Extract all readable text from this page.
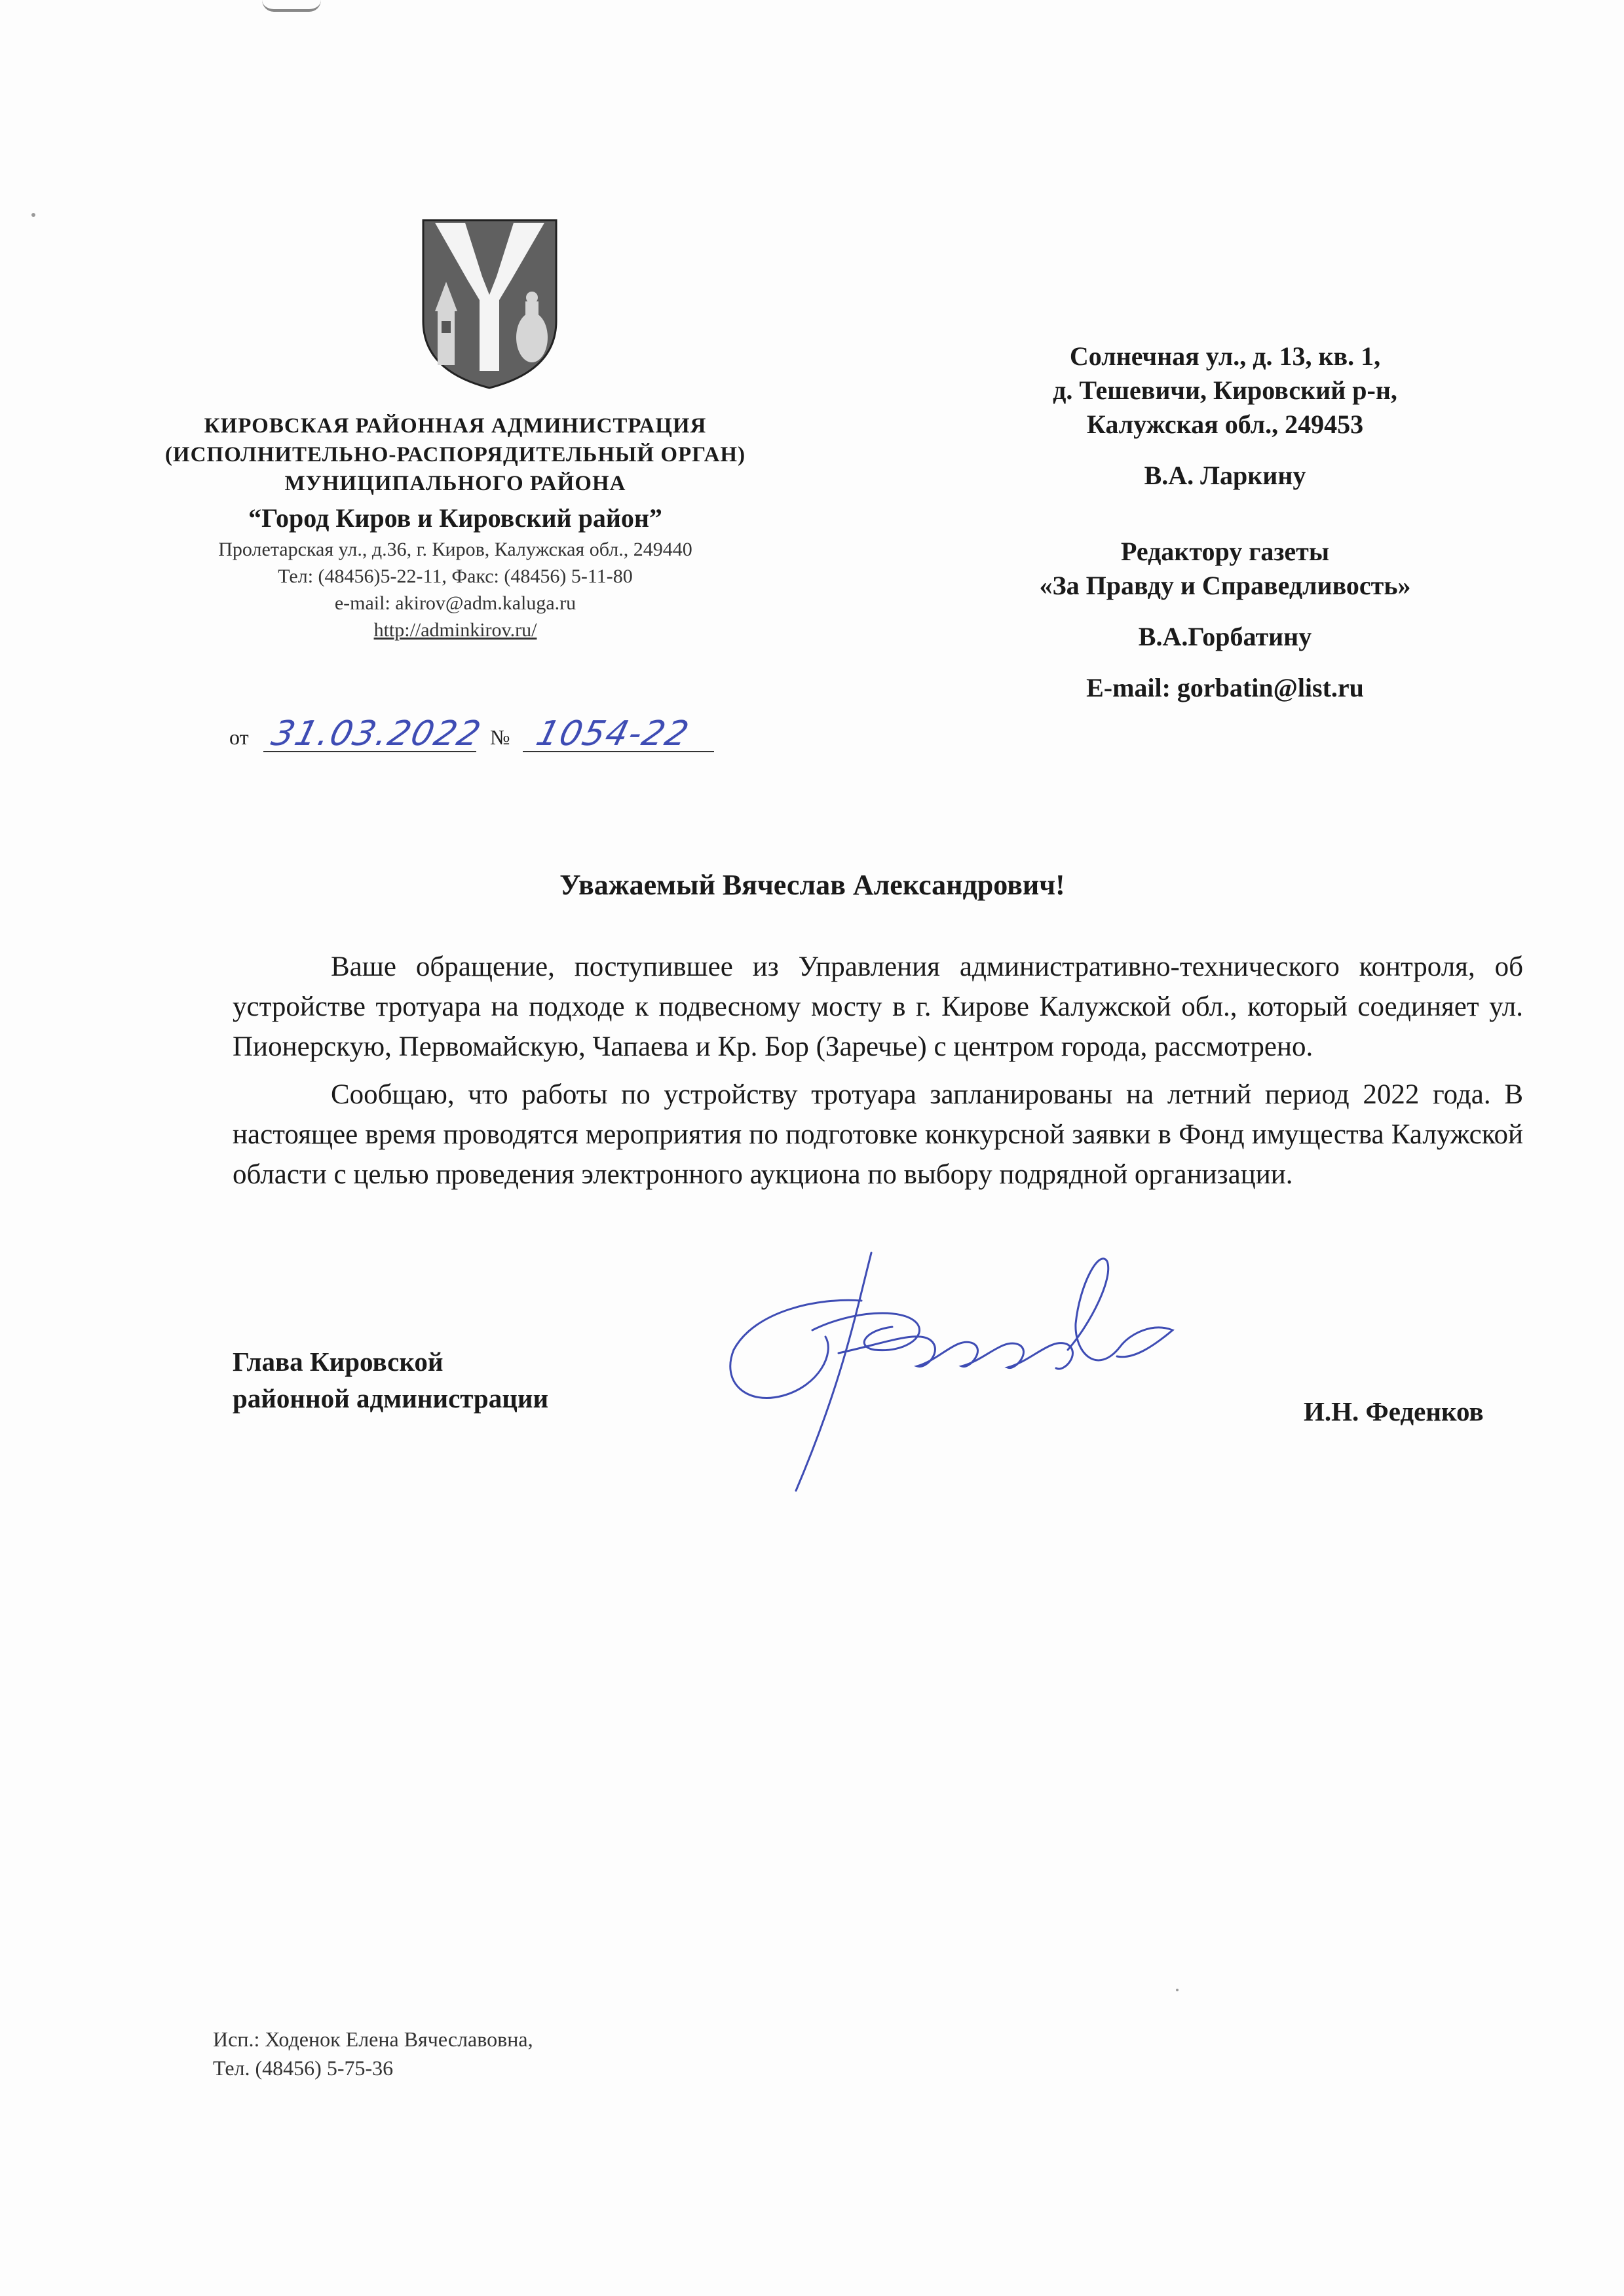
КИРОВСКАЯ РАЙОННАЯ АДМИНИСТРАЦИЯ
(ИСПОЛНИТЕЛЬНО-РАСПОРЯДИТЕЛЬНЫЙ ОРГАН)
МУНИЦИПАЛЬНОГО РАЙОНА
“Город Киров и Кировский район”
Пролетарская ул., д.36, г. Киров, Калужская обл., 249440
Тел: (48456)5-22-11, Факс: (48456) 5-11-80
e-mail: akirov@adm.kaluga.ru
http://adminkirov.ru/
от 31.03.2022 № 1054-22
Солнечная ул., д. 13, кв. 1,
д. Тешевичи, Кировский р-н,
Калужская обл., 249453
В.А. Ларкину
Редактору газеты
«За Правду и Справедливость»
В.А.Горбатину
E-mail: gorbatin@list.ru
Уважаемый Вячеслав Александрович!

Ваше обращение, поступившее из Управления административно-технического контроля, об устройстве тротуара на подходе к подвесному мосту в г. Кирове Калужской обл., который соединяет ул. Пионерскую, Первомайскую, Чапаева и Кр. Бор (Заречье) с центром города, рассмотрено.

Сообщаю, что работы по устройству тротуара запланированы на летний период 2022 года. В настоящее время проводятся мероприятия по подготовке конкурсной заявки в Фонд имущества Калужской области с целью проведения электронного аукциона по выбору подрядной организации.

Глава Кировской
районной администрации	И.Н. Феденков
Исп.: Ходенок Елена Вячеславовна,
Тел. (48456) 5-75-36
